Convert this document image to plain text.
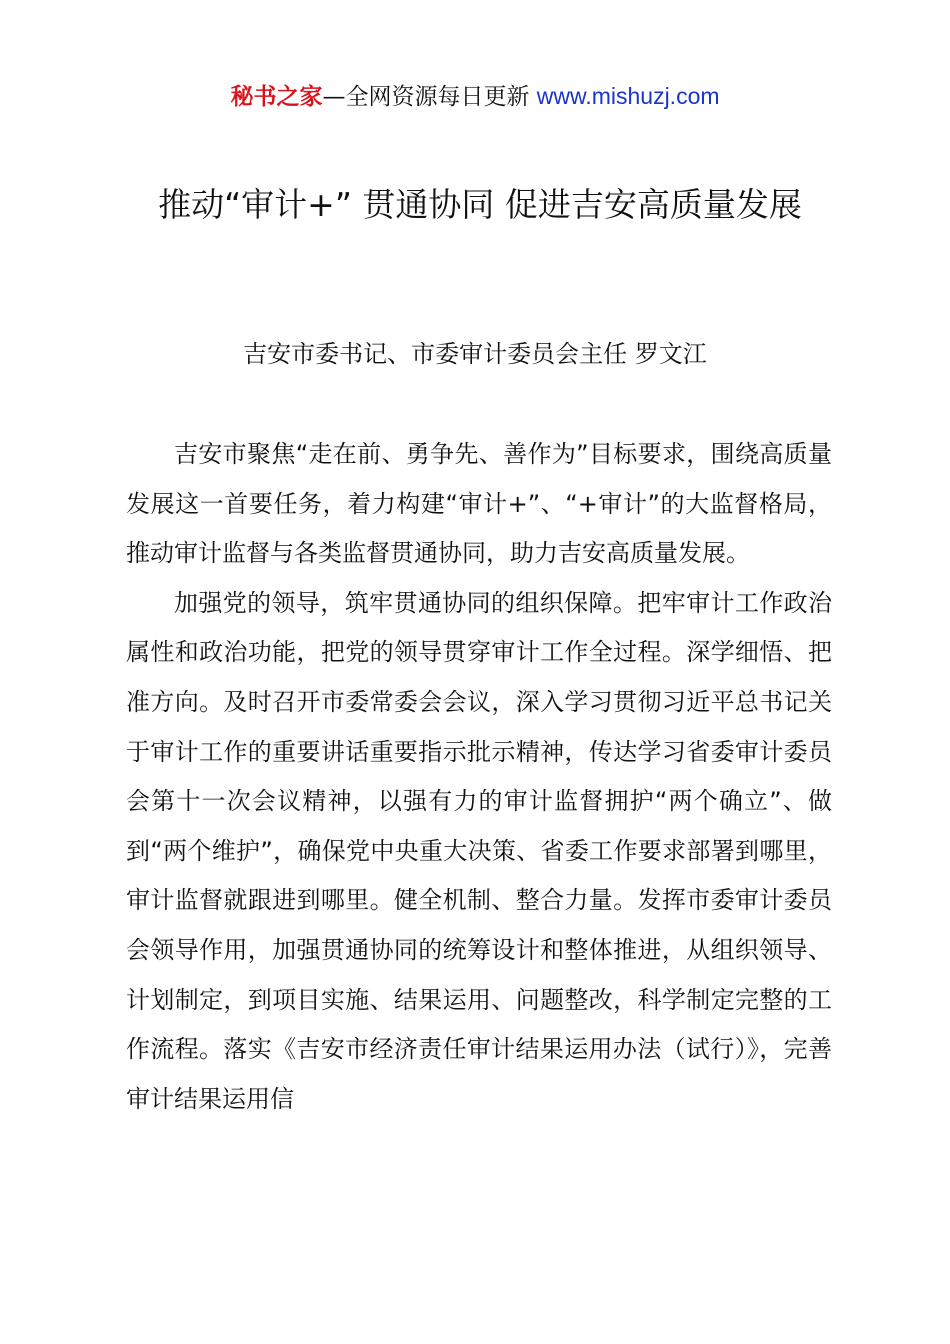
秘书之家—全网资源每日更新 www.mishuzj.com
推动“审计+” 贯通协同 促进吉安高质量发展
吉安市委书记、市委审计委员会主任 罗文江

吉安市聚焦“走在前、勇争先、善作为”目标要求，围绕高质量发展这一首要任务，着力构建“审计+”、“+审计”的大监督格局，推动审计监督与各类监督贯通协同，助力吉安高质量发展。

加强党的领导，筑牢贯通协同的组织保障。把牢审计工作政治属性和政治功能，把党的领导贯穿审计工作全过程。深学细悟、把准方向。及时召开市委常委会会议，深入学习贯彻习近平总书记关于审计工作的重要讲话重要指示批示精神，传达学习省委审计委员会第十一次会议精神，以强有力的审计监督拥护“两个确立”、做到“两个维护”，确保党中央重大决策、省委工作要求部署到哪里，审计监督就跟进到哪里。健全机制、整合力量。发挥市委审计委员会领导作用，加强贯通协同的统筹设计和整体推进，从组织领导、计划制定，到项目实施、结果运用、问题整改，科学制定完整的工作流程。落实《吉安市经济责任审计结果运用办法（试行）》，完善审计结果运用信
